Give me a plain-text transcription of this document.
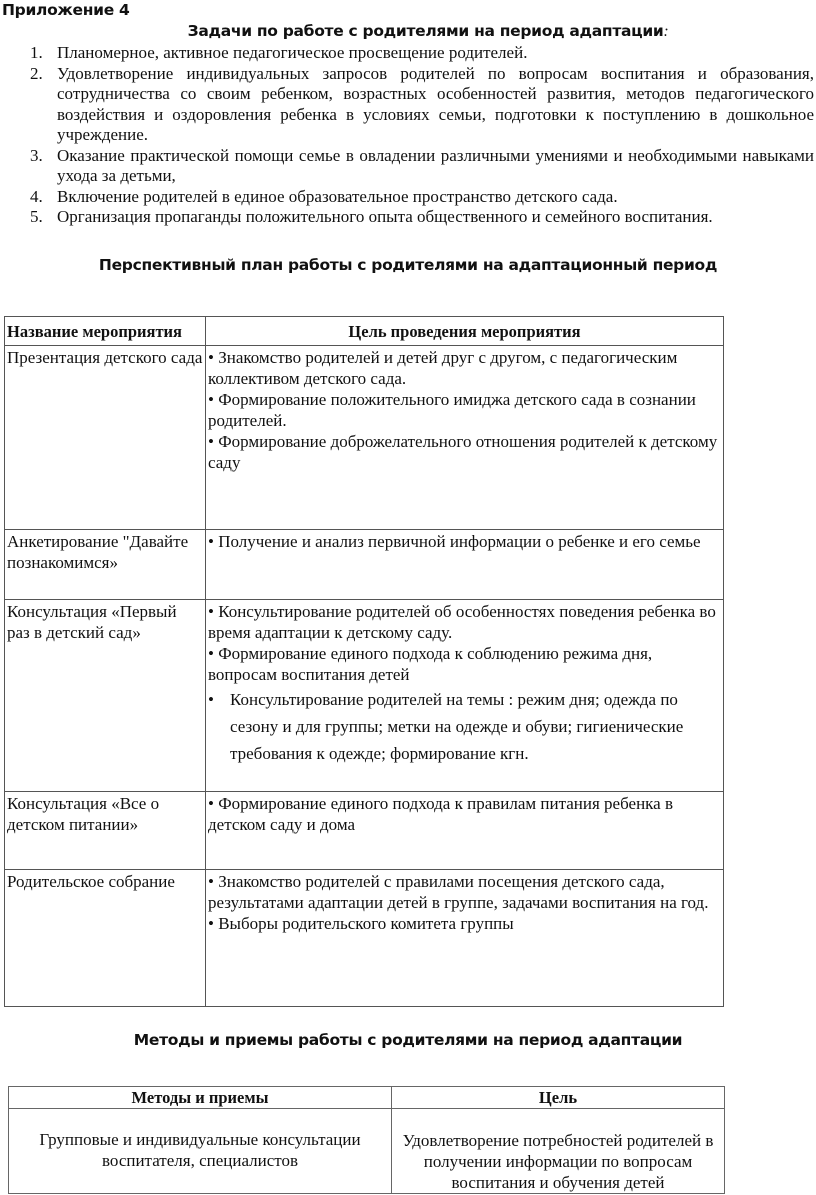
Приложение 4
Задачи по работе с родителями на период адаптации:
1. Планомерное, активное педагогическое просвещение родителей.
2. Удовлетворение индивидуальных запросов родителей по вопросам воспитания и образования, сотрудничества со своим ребенком, возрастных особенностей развития, методов педагогического воздействия и оздоровления ребенка в условиях семьи, подготовки к поступлению в дошкольное учреждение.
3. Оказание практической помощи семье в овладении различными умениями и необходимыми навыками ухода за детьми,
4. Включение родителей в единое образовательное пространство детского сада.
5. Организация пропаганды положительного опыта общественного и семейного воспитания.
Перспективный план работы с родителями на адаптационный период
Название мероприятия	Цель проведения мероприятия
Презентация детского сада	• Знакомство родителей и детей друг с другом, с педагогическим коллективом детского сада.
• Формирование положительного имиджа детского сада в сознании родителей.
• Формирование доброжелательного отношения родителей к детскому саду

Анкетирование "Давайте познакомимся»	• Получение и анализ первичной информации о ребенке и его семье

Консультация «Первый раз в детский сад»	• Консультирование родителей об особенностях поведения ребенка во время адаптации к детскому саду.
• Формирование единого подхода к соблюдению режима дня, вопросам воспитания детей
• Консультирование родителей на темы : режим дня; одежда по сезону и для группы; метки на одежде и обуви; гигиенические требования к одежде; формирование кгн.

Консультация «Все о детском питании»	• Формирование единого подхода к правилам питания ребенка в детском саду и дома

Родительское собрание	• Знакомство родителей с правилами посещения детского сада, результатами адаптации детей в группе, задачами воспитания на год.
• Выборы родительского комитета группы
Методы и приемы работы с родителями на период адаптации
Методы и приемы	Цель
Групповые и индивидуальные консультации воспитателя, специалистов	Удовлетворение потребностей родителей в получении информации по вопросам воспитания и обучения детей
